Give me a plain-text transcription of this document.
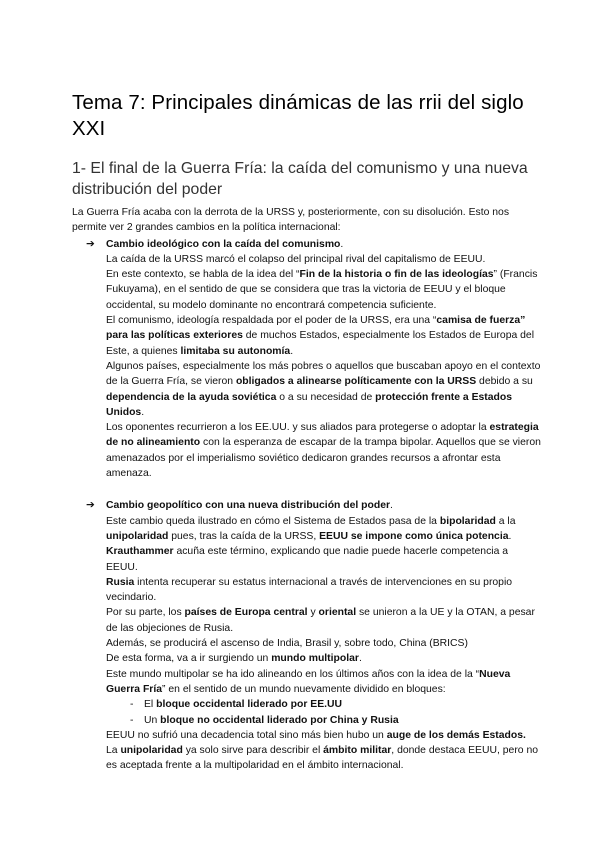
Tema 7: Principales dinámicas de las rrii del siglo XXI
1- El final de la Guerra Fría: la caída del comunismo y una nueva distribución del poder

La Guerra Fría acaba con la derrota de la URSS y, posteriormente, con su disolución. Esto nos permite ver 2 grandes cambios en la política internacional:

➔ Cambio ideológico con la caída del comunismo.

La caída de la URSS marcó el colapso del principal rival del capitalismo de EEUU.

En este contexto, se habla de la idea del “Fin de la historia o fin de las ideologías” (Francis Fukuyama), en el sentido de que se considera que tras la victoria de EEUU y el bloque occidental, su modelo dominante no encontrará competencia suficiente.

El comunismo, ideología respaldada por el poder de la URSS, era una “camisa de fuerza” para las políticas exteriores de muchos Estados, especialmente los Estados de Europa del Este, a quienes limitaba su autonomía.

Algunos países, especialmente los más pobres o aquellos que buscaban apoyo en el contexto de la Guerra Fría, se vieron obligados a alinearse políticamente con la URSS debido a su dependencia de la ayuda soviética o a su necesidad de protección frente a Estados Unidos.

Los oponentes recurrieron a los EE.UU. y sus aliados para protegerse o adoptar la estrategia de no alineamiento con la esperanza de escapar de la trampa bipolar. Aquellos que se vieron amenazados por el imperialismo soviético dedicaron grandes recursos a afrontar esta amenaza.

➔ Cambio geopolítico con una nueva distribución del poder.

Este cambio queda ilustrado en cómo el Sistema de Estados pasa de la bipolaridad a la unipolaridad pues, tras la caída de la URSS, EEUU se impone como única potencia. Krauthammer acuña este término, explicando que nadie puede hacerle competencia a EEUU.

Rusia intenta recuperar su estatus internacional a través de intervenciones en su propio vecindario.

Por su parte, los países de Europa central y oriental se unieron a la UE y la OTAN, a pesar de las objeciones de Rusia.

Además, se producirá el ascenso de India, Brasil y, sobre todo, China (BRICS)

De esta forma, va a ir surgiendo un mundo multipolar.

Este mundo multipolar se ha ido alineando en los últimos años con la idea de la “Nueva Guerra Fría” en el sentido de un mundo nuevamente dividido en bloques:

- El bloque occidental liderado por EE.UU
- Un bloque no occidental liderado por China y Rusia

EEUU no sufrió una decadencia total sino más bien hubo un auge de los demás Estados.

La unipolaridad ya solo sirve para describir el ámbito militar, donde destaca EEUU, pero no es aceptada frente a la multipolaridad en el ámbito internacional.
